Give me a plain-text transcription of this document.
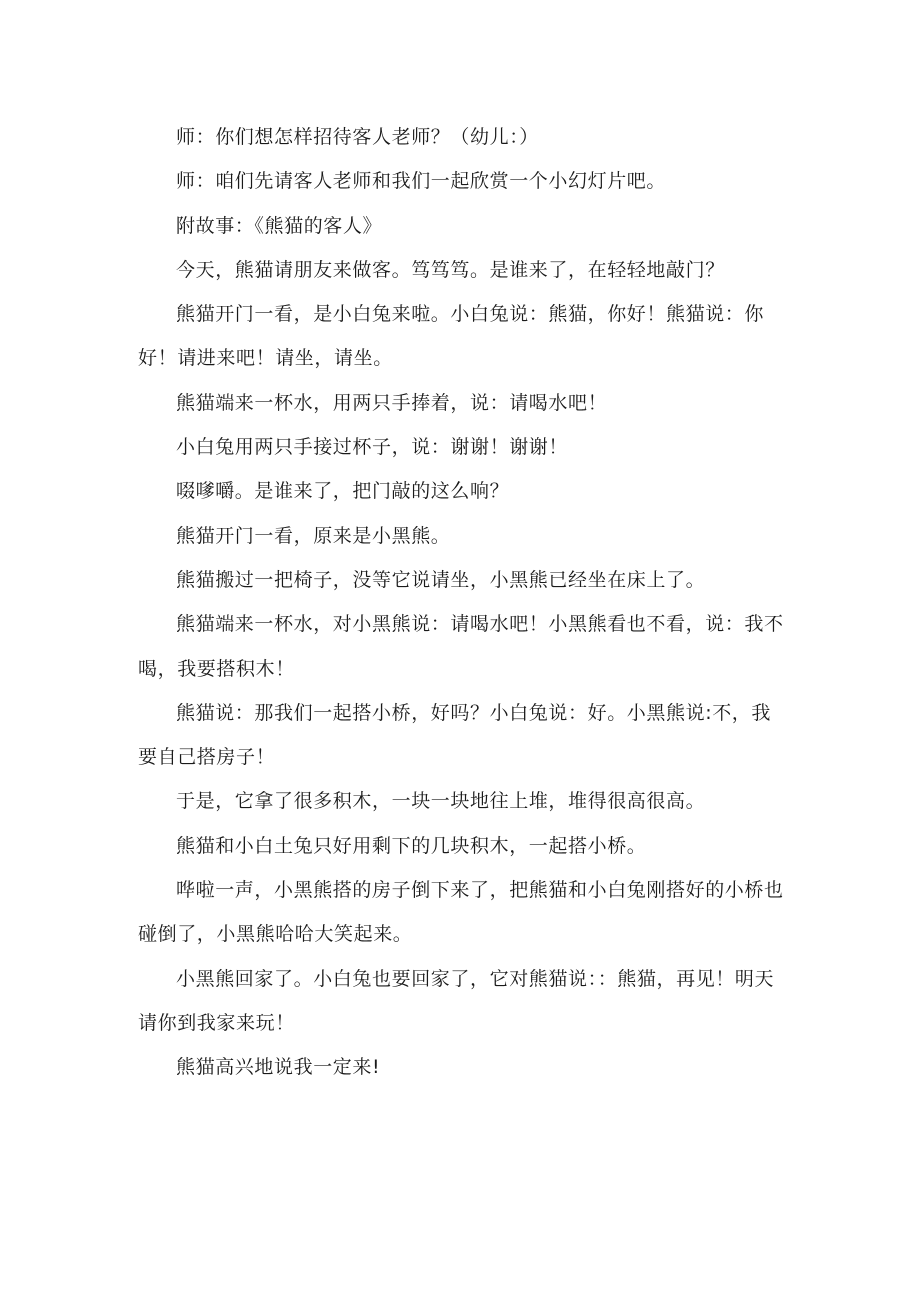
师：你们想怎样招待客人老师？（幼儿：）

师：咱们先请客人老师和我们一起欣赏一个小幻灯片吧。

附故事：《熊猫的客人》

今天，熊猫请朋友来做客。笃笃笃。是谁来了，在轻轻地敲门？

熊猫开门一看，是小白兔来啦。小白兔说：熊猫，你好！熊猫说：你好！请进来吧！请坐，请坐。

熊猫端来一杯水，用两只手捧着，说：请喝水吧！

小白兔用两只手接过杯子，说：谢谢！谢谢！

啜嗲嚼。是谁来了，把门敲的这么响？

熊猫开门一看，原来是小黑熊。

熊猫搬过一把椅子，没等它说请坐，小黑熊已经坐在床上了。

熊猫端来一杯水，对小黑熊说：请喝水吧！小黑熊看也不看，说：我不喝，我要搭积木！

熊猫说：那我们一起搭小桥，好吗？小白兔说：好。小黑熊说:不，我要自己搭房子！

于是，它拿了很多积木，一块一块地往上堆，堆得很高很高。

熊猫和小白土兔只好用剩下的几块积木，一起搭小桥。

哗啦一声，小黑熊搭的房子倒下来了，把熊猫和小白兔刚搭好的小桥也碰倒了，小黑熊哈哈大笑起来。

小黑熊回家了。小白兔也要回家了，它对熊猫说：：熊猫，再见！明天请你到我家来玩！

熊猫高兴地说我一定来!
